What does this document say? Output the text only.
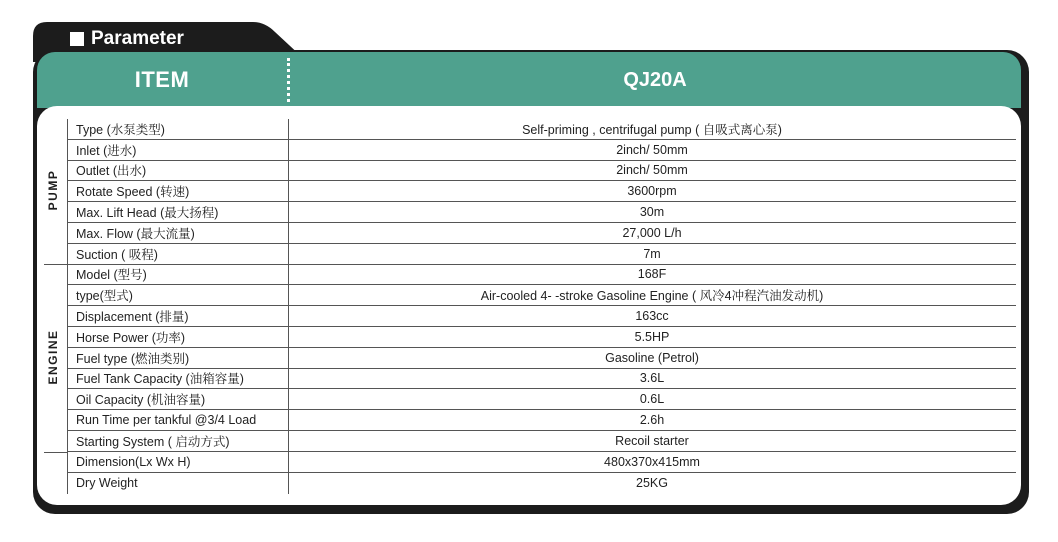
Parameter
ITEM	QJ20A
PUMP
ENGINE
Type (水泵类型)	Self-priming , centrifugal pump ( 自吸式离心泵)
Inlet (进水)	2inch/ 50mm
Outlet (出水)	2inch/ 50mm
Rotate Speed (转速)	3600rpm
Max. Lift Head (最大扬程)	30m
Max. Flow (最大流量)	27,000 L/h
Suction ( 吸程)	7m
Model (型号)	168F
type(型式)	Air-cooled 4- -stroke Gasoline Engine ( 风冷4冲程汽油发动机)
Displacement (排量)	163cc
Horse Power (功率)	5.5HP
Fuel type (燃油类别)	Gasoline (Petrol)
Fuel Tank Capacity (油箱容量)	3.6L
Oil Capacity (机油容量)	0.6L
Run Time per tankful @3/4 Load	2.6h
Starting System ( 启动方式)	Recoil starter
Dimension(Lx Wx H)	480x370x415mm
Dry Weight	25KG
